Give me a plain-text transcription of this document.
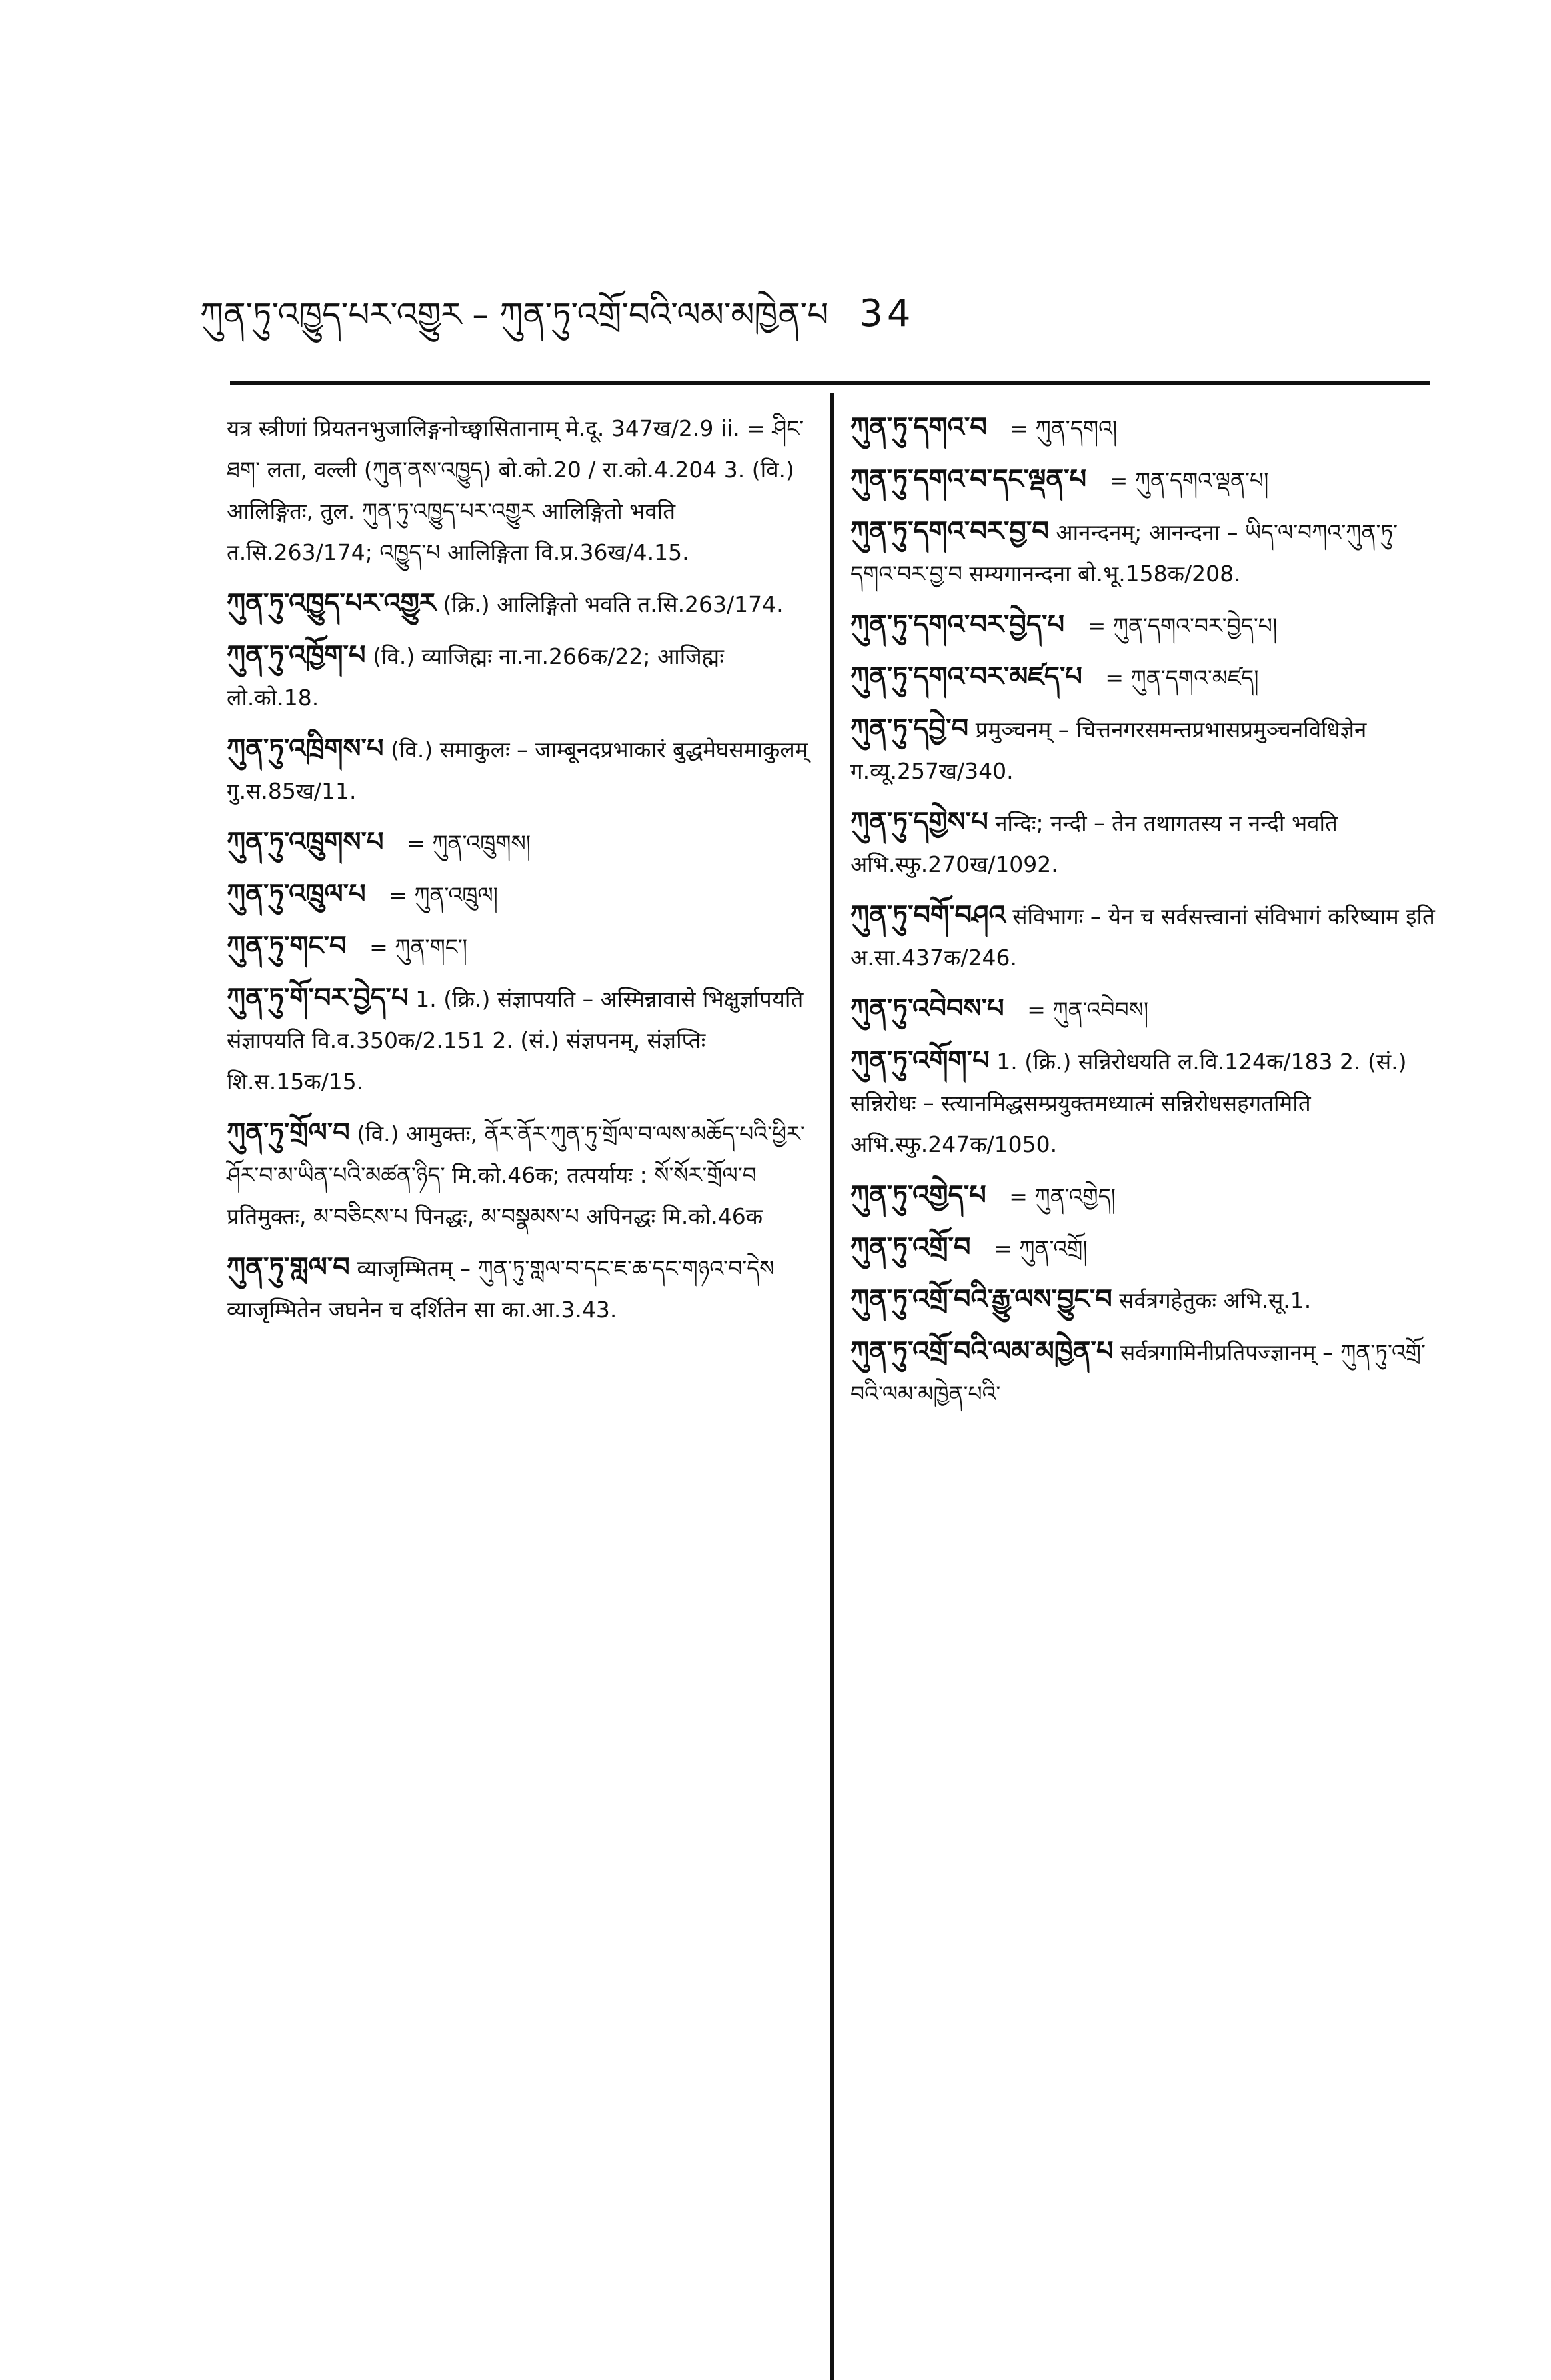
ཀུན་ཏུ་འཁྱུད་པར་འགྱུར – ཀུན་ཏུ་འགྲོ་བའི་ལམ་མཁྱེན་པ 34
यत्र स्त्रीणां प्रियतनभुजालिङ्गनोच्छ्वासितानाम् मे.दू. 347ख/2.9 ii. = ཤིང་ཐག་ लता, वल्ली (ཀུན་ནས་འཁྱུད) बो.को.20 / रा.को.4.204 3. (वि.) आलिङ्गितः, तुल. ཀུན་ཏུ་འཁྱུད་པར་འགྱུར आलिङ्गितो भवति त.सि.263/174; འཁྱུད་པ आलिङ्गिता वि.प्र.36ख/4.15.
ཀུན་ཏུ་འཁྱུད་པར་འགྱུར (क्रि.) आलिङ्गितो भवति त.सि.263/174.
ཀུན་ཏུ་འཁྱོག་པ (वि.) व्याजिह्मः ना.ना.266क/22; आजिह्मः लो.को.18.
ཀུན་ཏུ་འཁྲིགས་པ (वि.) समाकुलः – जाम्बूनदप्रभाकारं बुद्धमेघसमाकुलम् गु.स.85ख/11.
ཀུན་ཏུ་འཁྲུགས་པ = ཀུན་འཁྲུགས།
ཀུན་ཏུ་འཁྲུལ་པ = ཀུན་འཁྲུལ།
ཀུན་ཏུ་གང་བ = ཀུན་གང་།
ཀུན་ཏུ་གོ་བར་བྱེད་པ 1. (क्रि.) संज्ञापयति – अस्मिन्नावासे भिक्षुर्ज्ञापयति संज्ञापयति वि.व.350क/2.151 2. (सं.) संज्ञपनम्, संज्ञप्तिः शि.स.15क/15.
ཀུན་ཏུ་གྲོལ་བ (वि.) आमुक्तः, ནོར་ནོར་ཀུན་ཏུ་གྲོལ་བ་ལས་མཆོད་པའི་ཕྱིར་ཤོར་བ་མ་ཡིན་པའི་མཚན་ཉིད་ मि.को.46क; तत्पर्यायः : སོ་སོར་གྲོལ་བ प्रतिमुक्तः, མ་བཅིངས་པ पिनद्धः, མ་བསྣམས་པ अपिनद्धः मि.को.46क
ཀུན་ཏུ་གླལ་བ व्याजृम्भितम् – ཀུན་ཏུ་གླལ་བ་དང་ཇ་ཆ་དང་གཉའ་བ་དེས व्याजृम्भितेन जघनेन च दर्शितेन सा का.आ.3.43.
ཀུན་ཏུ་དགའ་བ = ཀུན་དགའ།
ཀུན་ཏུ་དགའ་བ་དང་ལྡན་པ = ཀུན་དགའ་ལྡན་པ།
ཀུན་ཏུ་དགའ་བར་བྱ་བ आनन्दनम्; आनन्दना – ཡིད་ལ་བཀའ་ཀུན་ཏུ་དགའ་བར་བྱ་བ सम्यगानन्दना बो.भू.158क/208.
ཀུན་ཏུ་དགའ་བར་བྱེད་པ = ཀུན་དགའ་བར་བྱེད་པ།
ཀུན་ཏུ་དགའ་བར་མཛད་པ = ཀུན་དགའ་མཛད།
ཀུན་ཏུ་དབྱེ་བ प्रमुञ्चनम् – चित्तनगरसमन्तप्रभासप्रमुञ्चनविधिज्ञेन ग.व्यू.257ख/340.
ཀུན་ཏུ་དགྱེས་པ नन्दिः; नन्दी – तेन तथागतस्य न नन्दी भवति अभि.स्फु.270ख/1092.
ཀུན་ཏུ་བགོ་བཤའ संविभागः – येन च सर्वसत्त्वानां संविभागं करिष्याम इति अ.सा.437क/246.
ཀུན་ཏུ་འབེབས་པ = ཀུན་འབེབས།
ཀུན་ཏུ་འགོག་པ 1. (क्रि.) सन्निरोधयति ल.वि.124क/183 2. (सं.) सन्निरोधः – स्त्यानमिद्धसम्प्रयुक्तमध्यात्मं सन्निरोधसहगतमिति अभि.स्फु.247क/1050.
ཀུན་ཏུ་འགྱེད་པ = ཀུན་འགྱེད།
ཀུན་ཏུ་འགྲོ་བ = ཀུན་འགྲོ།
ཀུན་ཏུ་འགྲོ་བའི་རྒྱུ་ལས་བྱུང་བ सर्वत्रगहेतुकः अभि.सू.1.
ཀུན་ཏུ་འགྲོ་བའི་ལམ་མཁྱེན་པ सर्वत्रगामिनीप्रतिपज्ज्ञानम् – ཀུན་ཏུ་འགྲོ་བའི་ལམ་མཁྱེན་པའི་
